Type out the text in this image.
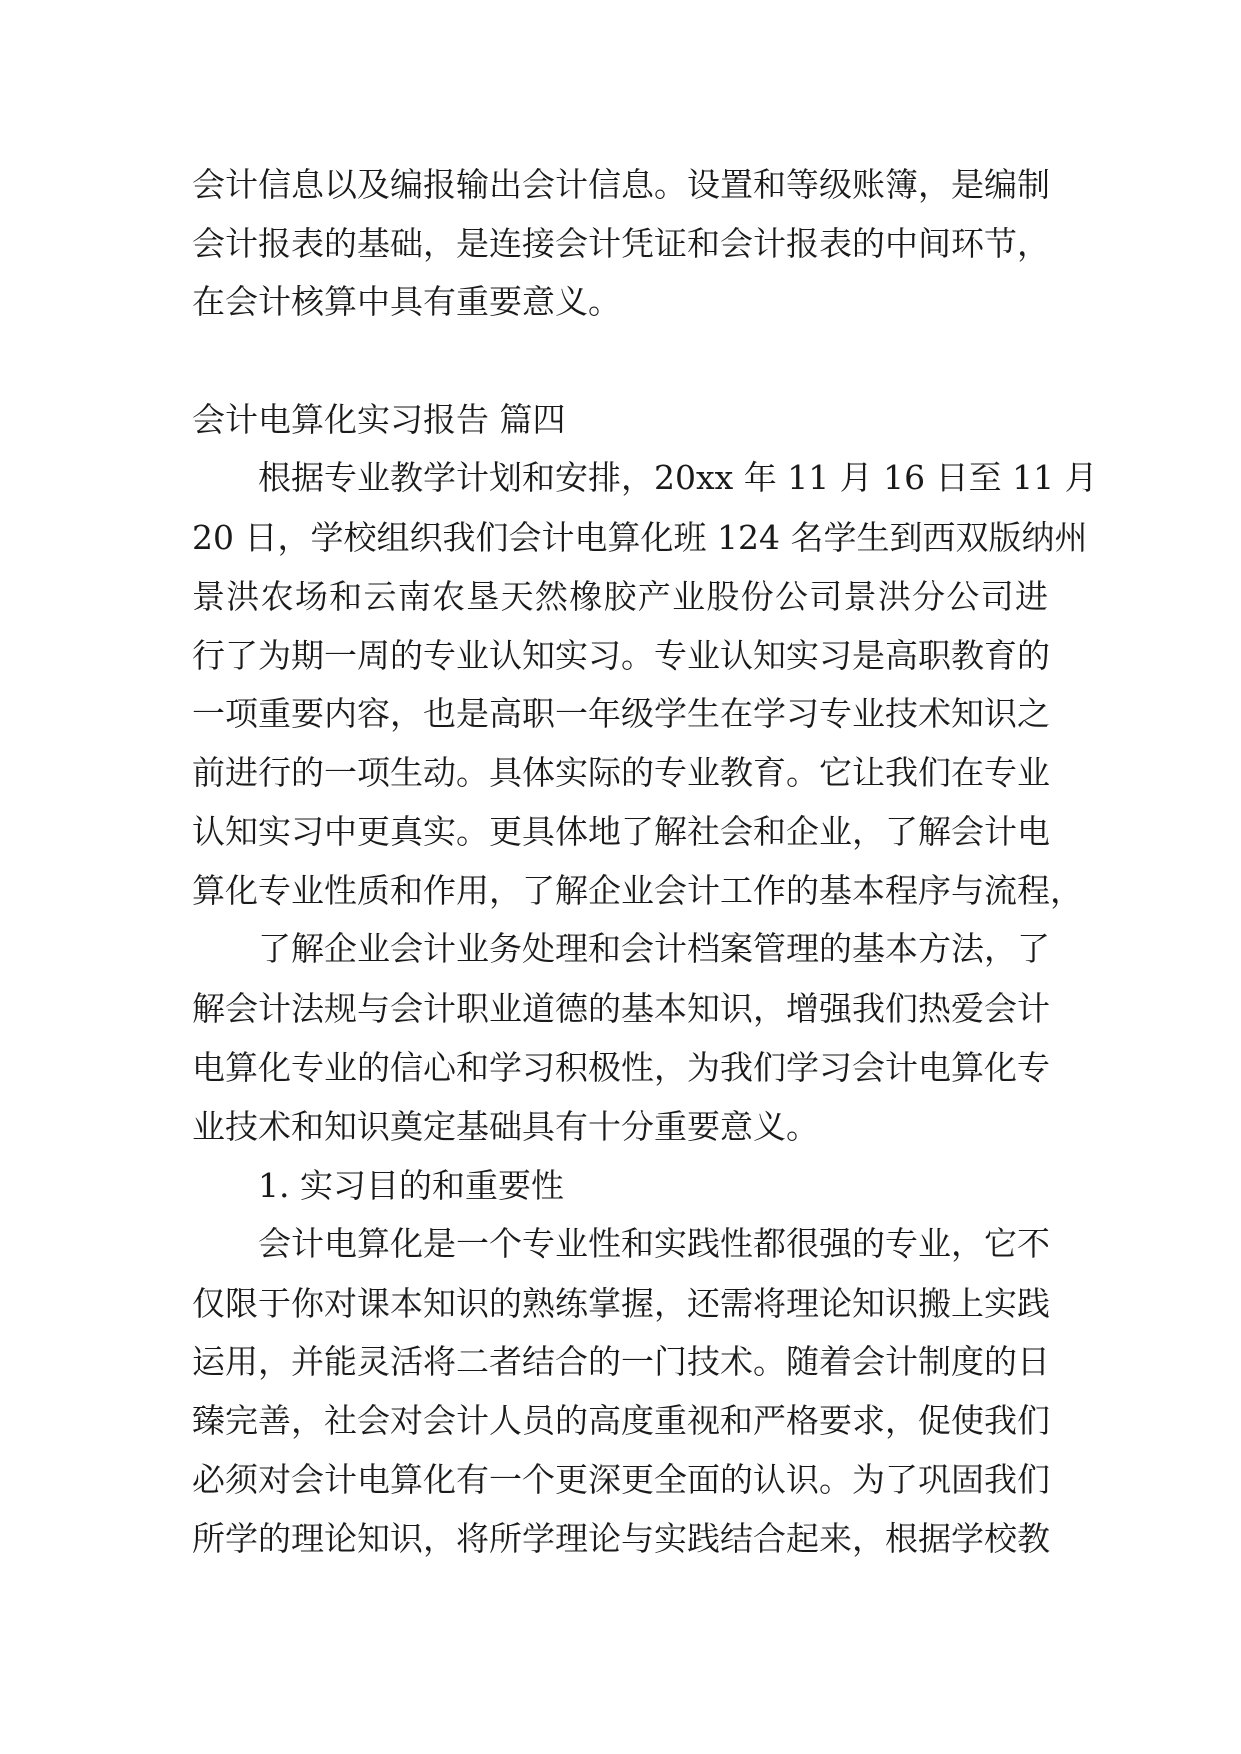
会计信息以及编报输出会计信息。设置和等级账簿，是编制
会计报表的基础，是连接会计凭证和会计报表的中间环节，
在会计核算中具有重要意义。
会计电算化实习报告 篇四
根据专业教学计划和安排，20xx 年 11 月 16 日至 11 月
20 日，学校组织我们会计电算化班 124 名学生到西双版纳州
景洪农场和云南农垦天然橡胶产业股份公司景洪分公司进
行了为期一周的专业认知实习。专业认知实习是高职教育的
一项重要内容，也是高职一年级学生在学习专业技术知识之
前进行的一项生动。具体实际的专业教育。它让我们在专业
认知实习中更真实。更具体地了解社会和企业，了解会计电
算化专业性质和作用，了解企业会计工作的基本程序与流程，
了解企业会计业务处理和会计档案管理的基本方法，了
解会计法规与会计职业道德的基本知识，增强我们热爱会计
电算化专业的信心和学习积极性，为我们学习会计电算化专
业技术和知识奠定基础具有十分重要意义。
1. 实习目的和重要性
会计电算化是一个专业性和实践性都很强的专业，它不
仅限于你对课本知识的熟练掌握，还需将理论知识搬上实践
运用，并能灵活将二者结合的一门技术。随着会计制度的日
臻完善，社会对会计人员的高度重视和严格要求，促使我们
必须对会计电算化有一个更深更全面的认识。为了巩固我们
所学的理论知识，将所学理论与实践结合起来，根据学校教
